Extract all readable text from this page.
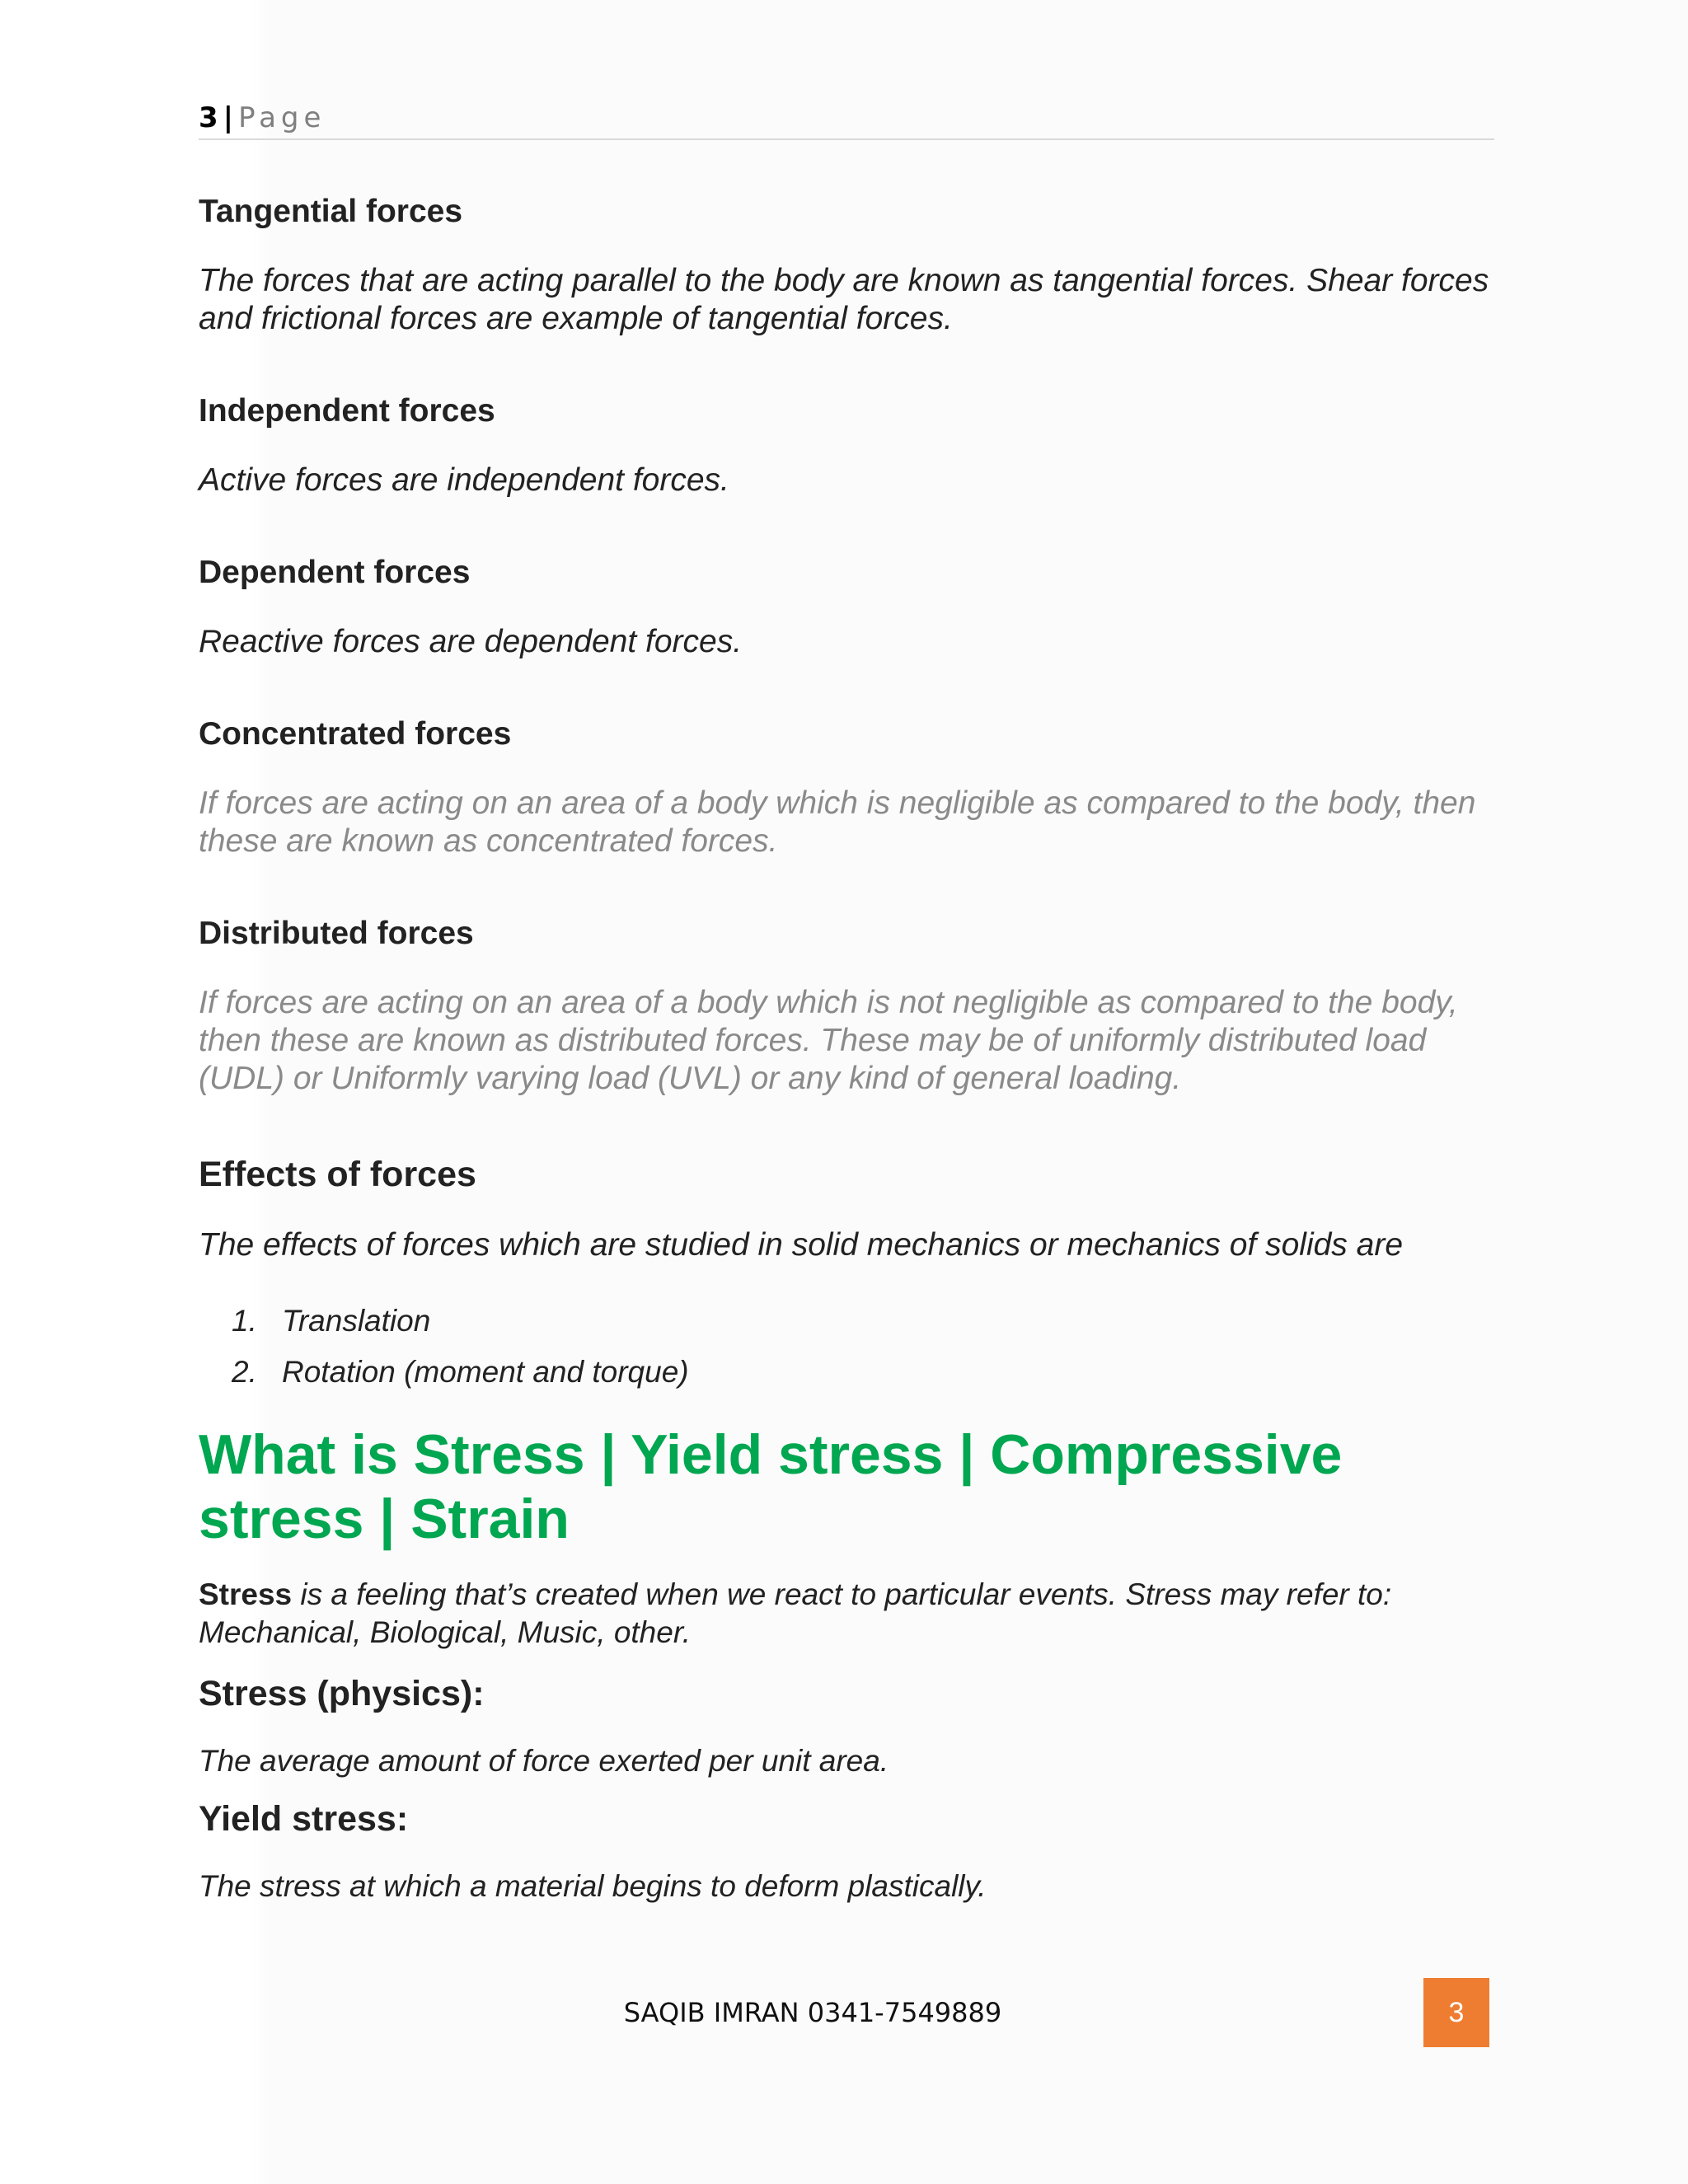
3 | Page

Tangential forces

The forces that are acting parallel to the body are known as tangential forces. Shear forces and frictional forces are example of tangential forces.

Independent forces

Active forces are independent forces.

Dependent forces

Reactive forces are dependent forces.

Concentrated forces

If forces are acting on an area of a body which is negligible as compared to the body, then these are known as concentrated forces.

Distributed forces

If forces are acting on an area of a body which is not negligible as compared to the body, then these are known as distributed forces. These may be of uniformly distributed load (UDL) or Uniformly varying load (UVL) or any kind of general loading.

Effects of forces

The effects of forces which are studied in solid mechanics or mechanics of solids are

1. Translation
2. Rotation (moment and torque)
What is Stress | Yield stress | Compressive stress | Strain

Stress is a feeling that’s created when we react to particular events. Stress may refer to: Mechanical, Biological, Music, other.

Stress (physics):

The average amount of force exerted per unit area.

Yield stress:

The stress at which a material begins to deform plastically.

SAQIB IMRAN 0341-7549889	3
